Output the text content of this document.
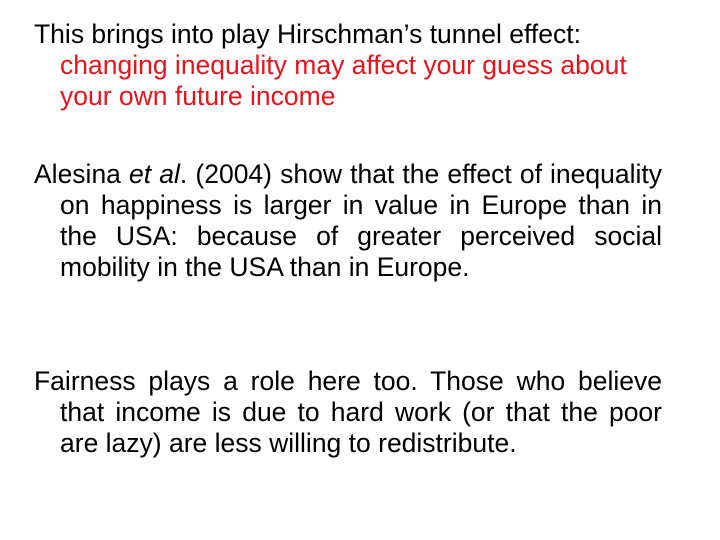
This brings into play Hirschman’s tunnel effect: changing inequality may affect your guess about your own future income

Alesina et al. (2004) show that the effect of inequality on happiness is larger in value in Europe than in the USA: because of greater perceived social mobility in the USA than in Europe.

Fairness plays a role here too. Those who believe that income is due to hard work (or that the poor are lazy) are less willing to redistribute.
